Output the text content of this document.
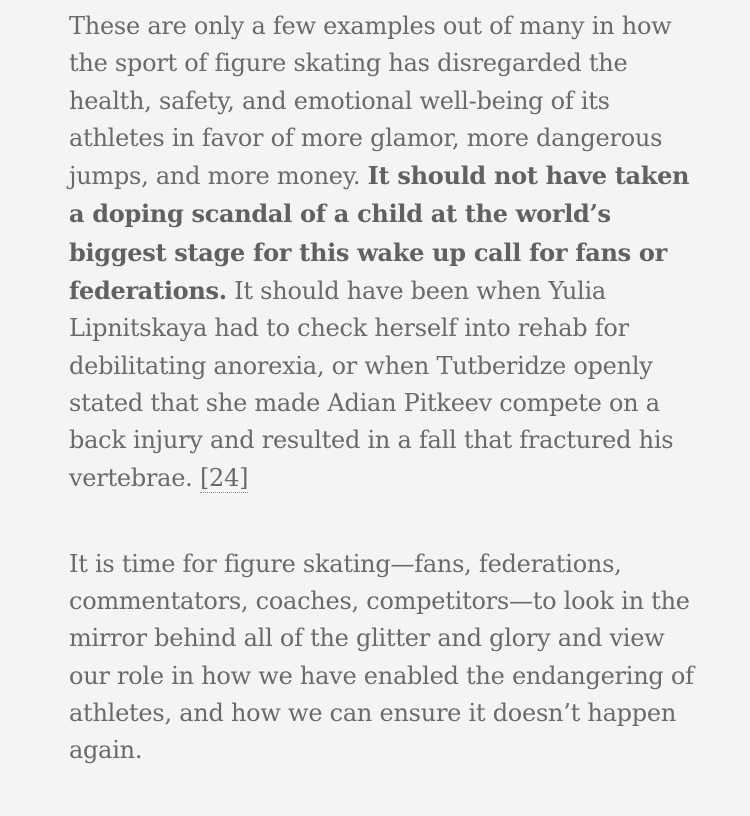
These are only a few examples out of many in how the sport of figure skating has disregarded the health, safety, and emotional well-being of its athletes in favor of more glamor, more dangerous jumps, and more money. It should not have taken a doping scandal of a child at the world’s biggest stage for this wake up call for fans or federations. It should have been when Yulia Lipnitskaya had to check herself into rehab for debilitating anorexia, or when Tutberidze openly stated that she made Adian Pitkeev compete on a back injury and resulted in a fall that fractured his vertebrae. [24]

It is time for figure skating—fans, federations, commentators, coaches, competitors—to look in the mirror behind all of the glitter and glory and view our role in how we have enabled the endangering of athletes, and how we can ensure it doesn’t happen again.
